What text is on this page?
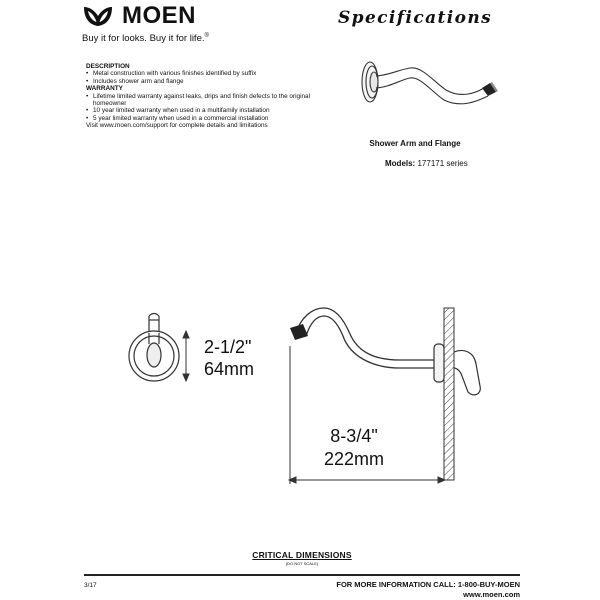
MOEN
Buy it for looks. Buy it for life.®
Specifications
DESCRIPTION
• Metal construction with various finishes identified by suffix
• Includes shower arm and flange
WARRANTY
• Lifetime limited warranty against leaks, drips and finish defects to the original homeowner
• 10 year limited warranty when used in a multifamily installation
• 5 year limited warranty when used in a commercial installation
Visit www.moen.com/support for complete details and limitations
Shower Arm and Flange
Models: 177171 series
2-1/2"
64mm
8-3/4"
222mm
CRITICAL DIMENSIONS
(DO NOT SCALE)
3/17	FOR MORE INFORMATION CALL: 1-800-BUY-MOEN
www.moen.com
